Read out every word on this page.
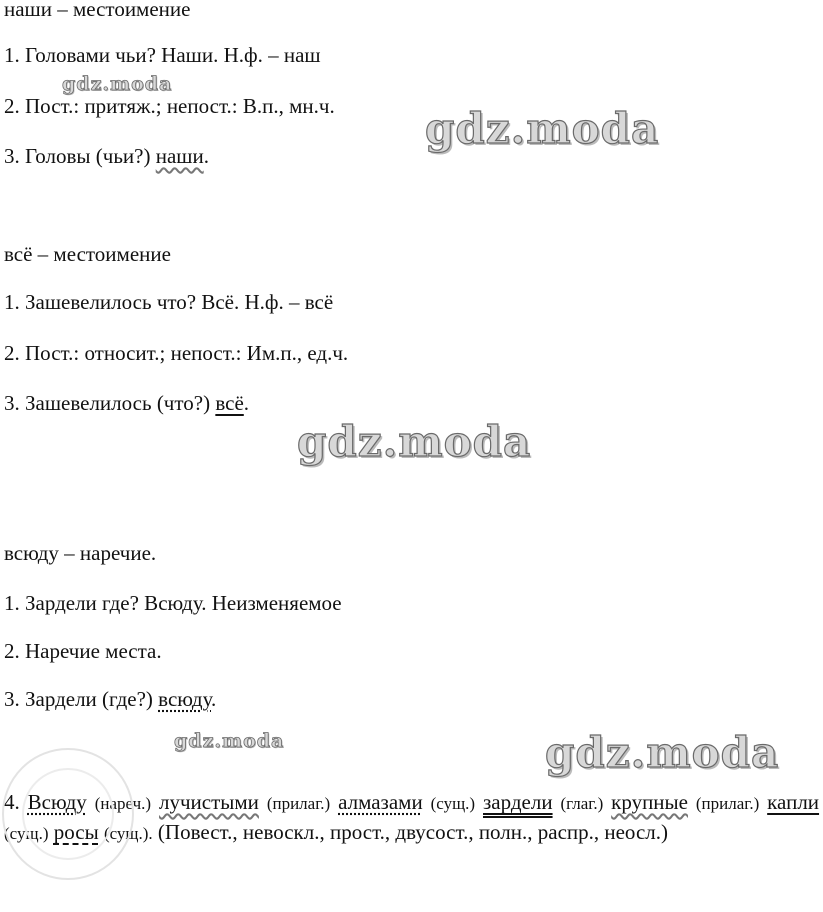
наши – местоимение
1. Головами чьи? Наши. Н.ф. – наш
2. Пост.: притяж.; непост.: В.п., мн.ч.
3. Головы (чьи?) наши.
всё – местоимение
1. Зашевелилось что? Всё. Н.ф. – всё
2. Пост.: относит.; непост.: Им.п., ед.ч.
3. Зашевелилось (что?) всё.
всюду – наречие.
1. Зардели где? Всюду. Неизменяемое
2. Наречие места.
3. Зардели (где?) всюду.
4. Всюду (нареч.) лучистыми (прилаг.) алмазами (сущ.) зардели (глаг.) крупные (прилаг.) капли (сущ.) росы (сущ.). (Повест., невоскл., прост., двусост., полн., распр., неосл.)
gdz.moda
gdz.moda
gdz.moda
gdz.moda	gdz.moda
